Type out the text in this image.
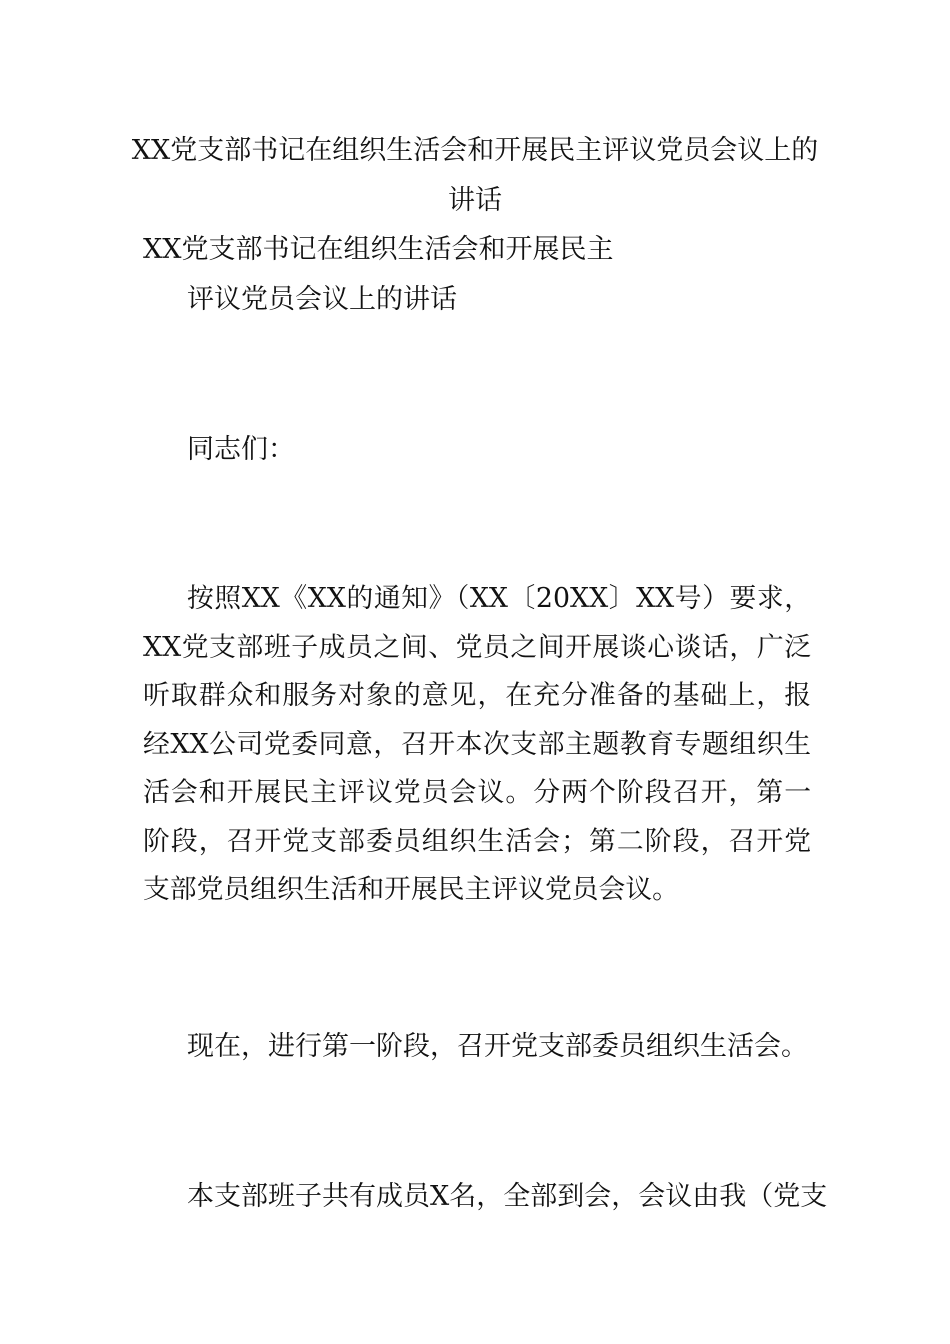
XX党支部书记在组织生活会和开展民主评议党员会议上的讲话
XX党支部书记在组织生活会和开展民主
评议党员会议上的讲话
同志们：
按照XX《XX的通知》（XX〔20XX〕XX号）要求，XX党支部班子成员之间、党员之间开展谈心谈话，广泛听取群众和服务对象的意见，在充分准备的基础上，报经XX公司党委同意，召开本次支部主题教育专题组织生活会和开展民主评议党员会议。分两个阶段召开，第一阶段，召开党支部委员组织生活会；第二阶段，召开党支部党员组织生活和开展民主评议党员会议。
现在，进行第一阶段，召开党支部委员组织生活会。
本支部班子共有成员X名，全部到会，会议由我（党支
